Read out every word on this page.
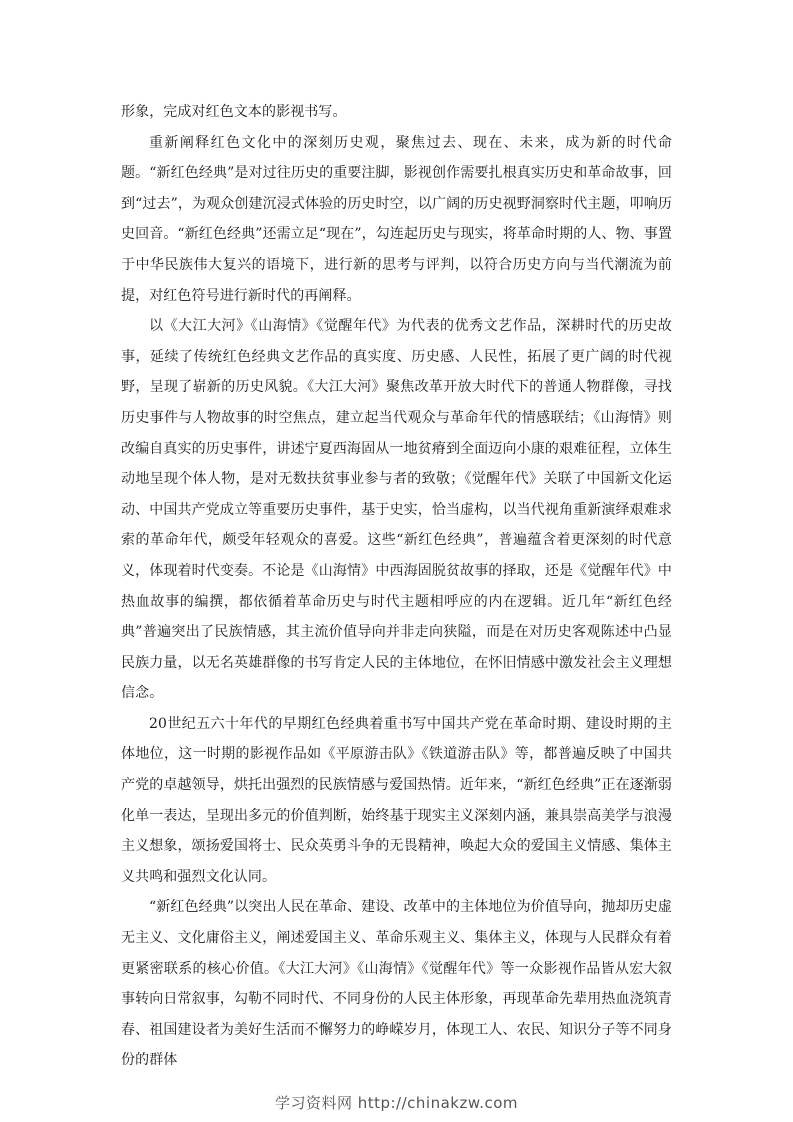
形象，完成对红色文本的影视书写。

重新阐释红色文化中的深刻历史观，聚焦过去、现在、未来，成为新的时代命题。“新红色经典”是对过往历史的重要注脚，影视创作需要扎根真实历史和革命故事，回到“过去”，为观众创建沉浸式体验的历史时空，以广阔的历史视野洞察时代主题，叩响历史回音。“新红色经典”还需立足“现在”，勾连起历史与现实，将革命时期的人、物、事置于中华民族伟大复兴的语境下，进行新的思考与评判，以符合历史方向与当代潮流为前提，对红色符号进行新时代的再阐释。

以《大江大河》《山海情》《觉醒年代》为代表的优秀文艺作品，深耕时代的历史故事，延续了传统红色经典文艺作品的真实度、历史感、人民性，拓展了更广阔的时代视野，呈现了崭新的历史风貌。《大江大河》聚焦改革开放大时代下的普通人物群像，寻找历史事件与人物故事的时空焦点，建立起当代观众与革命年代的情感联结；《山海情》则改编自真实的历史事件，讲述宁夏西海固从一地贫瘠到全面迈向小康的艰难征程，立体生动地呈现个体人物，是对无数扶贫事业参与者的致敬；《觉醒年代》关联了中国新文化运动、中国共产党成立等重要历史事件，基于史实，恰当虚构，以当代视角重新演绎艰难求索的革命年代，颇受年轻观众的喜爱。这些“新红色经典”，普遍蕴含着更深刻的时代意义，体现着时代变奏。不论是《山海情》中西海固脱贫故事的择取，还是《觉醒年代》中热血故事的编撰，都依循着革命历史与时代主题相呼应的内在逻辑。近几年“新红色经典”普遍突出了民族情感，其主流价值导向并非走向狭隘，而是在对历史客观陈述中凸显民族力量，以无名英雄群像的书写肯定人民的主体地位，在怀旧情感中激发社会主义理想信念。

20世纪五六十年代的早期红色经典着重书写中国共产党在革命时期、建设时期的主体地位，这一时期的影视作品如《平原游击队》《铁道游击队》等，都普遍反映了中国共产党的卓越领导，烘托出强烈的民族情感与爱国热情。近年来，“新红色经典”正在逐渐弱化单一表达，呈现出多元的价值判断，始终基于现实主义深刻内涵，兼具崇高美学与浪漫主义想象，颂扬爱国将士、民众英勇斗争的无畏精神，唤起大众的爱国主义情感、集体主义共鸣和强烈文化认同。

“新红色经典”以突出人民在革命、建设、改革中的主体地位为价值导向，抛却历史虚无主义、文化庸俗主义，阐述爱国主义、革命乐观主义、集体主义，体现与人民群众有着更紧密联系的核心价值。《大江大河》《山海情》《觉醒年代》等一众影视作品皆从宏大叙事转向日常叙事，勾勒不同时代、不同身份的人民主体形象，再现革命先辈用热血浇筑青春、祖国建设者为美好生活而不懈努力的峥嵘岁月，体现工人、农民、知识分子等不同身份的群体

学习资料网 http://chinakzw.com
